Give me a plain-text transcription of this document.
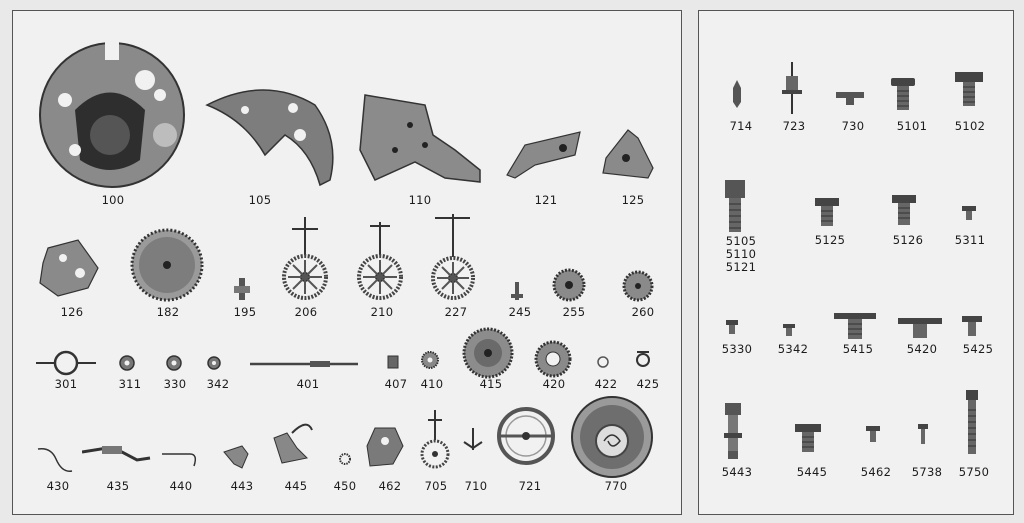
100	105	110	121	125
126	182	195	206	210	227	245	255	260
301	311 330 342	401	407 410	415	420	422 425
430	435	440	443	445 450 462 705 710	721	770
714	723	730	5101 5102
5105
5110
5121
5125	5126	5311
5330 5342	5415	5420 5425
5443	5445	5462 5738 5750
